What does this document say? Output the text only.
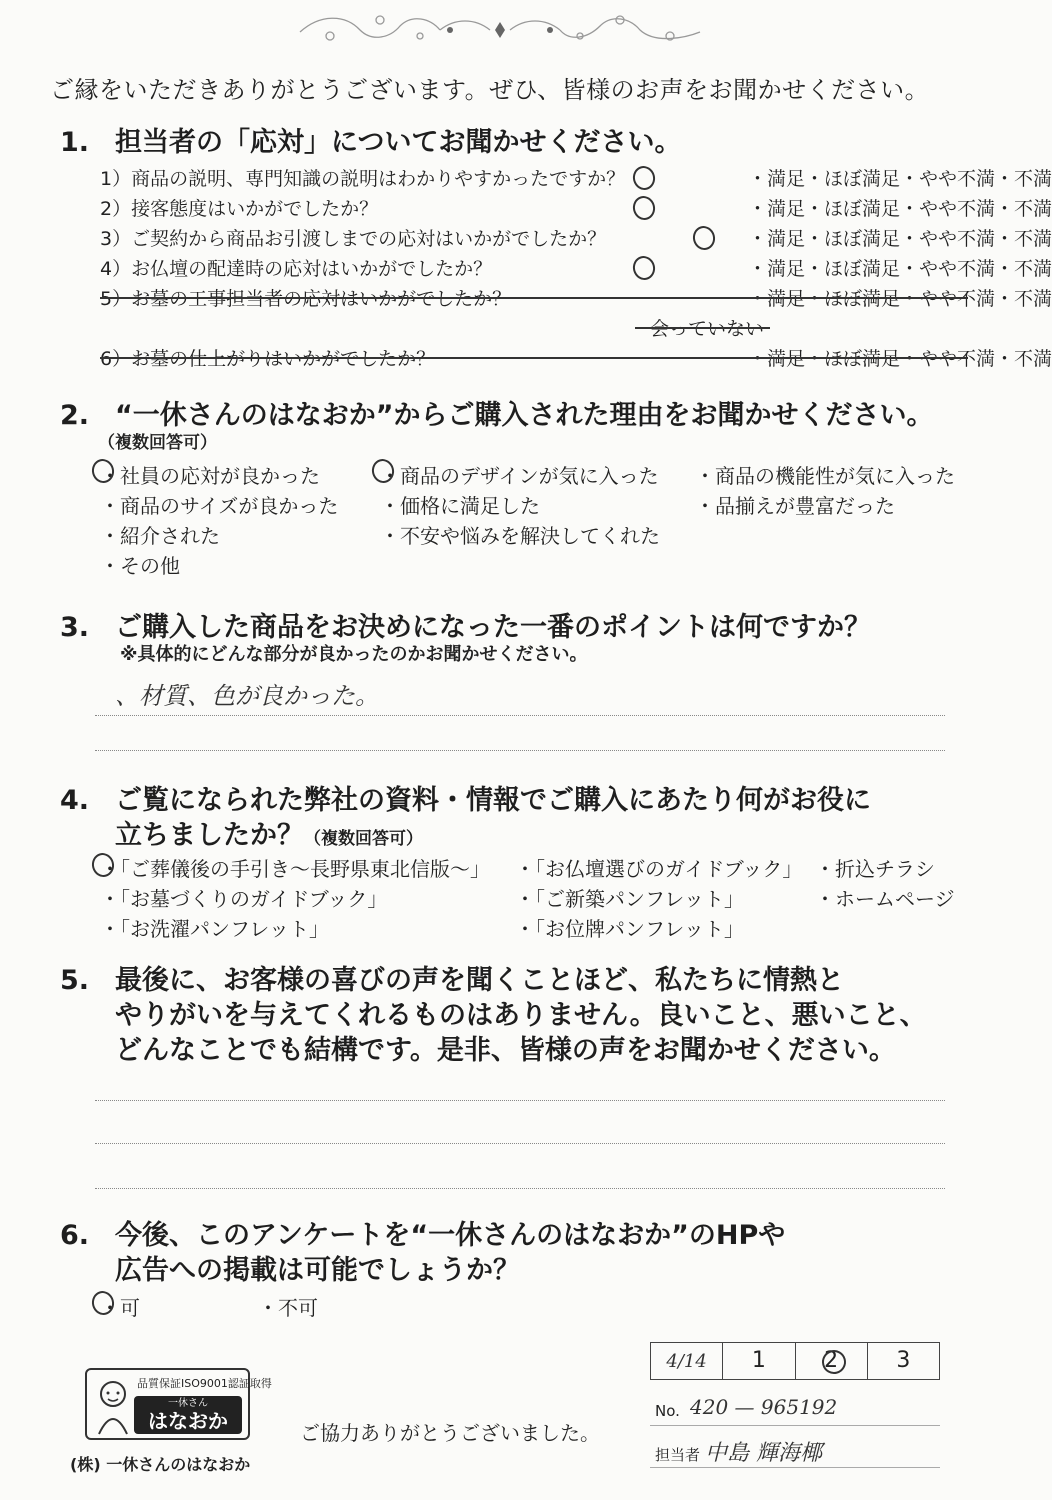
ご縁をいただきありがとうございます。ぜひ、皆様のお声をお聞かせください。
1. 担当者の「応対」についてお聞かせください。
1）商品の説明、専門知識の説明はわかりやすかったですか？	・満足・ほぼ満足・やや不満・不満
2）接客態度はいかがでしたか？	・満足・ほぼ満足・やや不満・不満
3）ご契約から商品お引渡しまでの応対はいかがでしたか？	・満足・ほぼ満足・やや不満・不満
4）お仏壇の配達時の応対はいかがでしたか？	・満足・ほぼ満足・やや不満・不満
5）お墓の工事担当者の応対はいかがでしたか？	・満足・ほぼ満足・やや不満・不満
会っていない
6）お墓の仕上がりはいかがでしたか？	・満足・ほぼ満足・やや不満・不満
2. “一休さんのはなおか”からご購入された理由をお聞かせください。
（複数回答可）
・社員の応対が良かった	・商品のデザインが気に入った ・商品の機能性が気に入った
・商品のサイズが良かった ・価格に満足した	・品揃えが豊富だった
・紹介された	・不安や悩みを解決してくれた
・その他
3. ご購入した商品をお決めになった一番のポイントは何ですか？
※具体的にどんな部分が良かったのかお聞かせください。
、材質、色が良かった。
4. ご覧になられた弊社の資料・情報でご購入にあたり何がお役に
立ちましたか？（複数回答可）
・「ご葬儀後の手引き〜長野県東北信版〜」 ・「お仏壇選びのガイドブック」 ・折込チラシ
・「お墓づくりのガイドブック」	・「ご新築パンフレット」	・ホームページ
・「お洗濯パンフレット」	・「お位牌パンフレット」
5. 最後に、お客様の喜びの声を聞くことほど、私たちに情熱と
やりがいを与えてくれるものはありません。良いこと、悪いこと、
どんなことでも結構です。是非、皆様の声をお聞かせください。
6. 今後、このアンケートを“一休さんのはなおか”のHPや
広告への掲載は可能でしょうか？
・可	・不可
4/14	1	2	3
No. 420 — 965192
担当者 中島 輝海椰
品質保証ISO9001認証取得
一休さん
はなおか
(株) 一休さんのはなおか
ご協力ありがとうございました。
